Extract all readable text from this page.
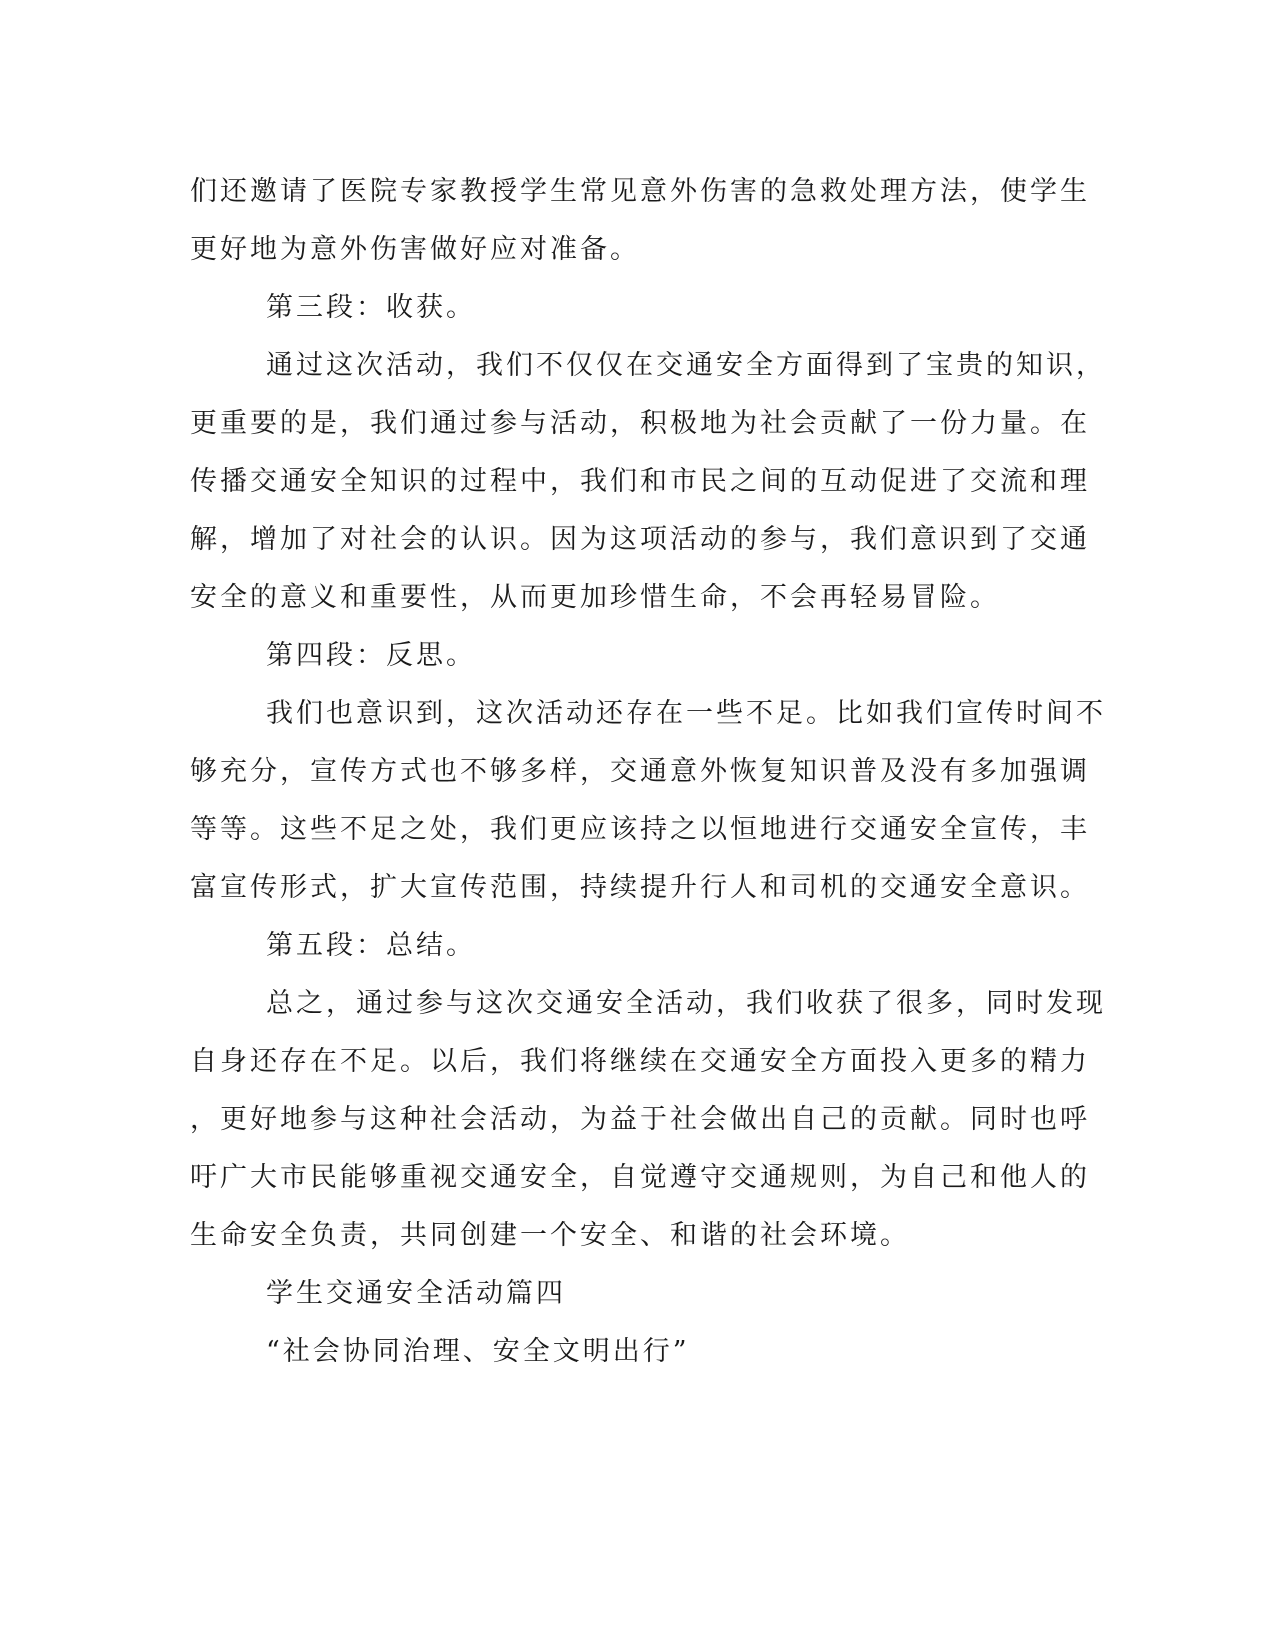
们还邀请了医院专家教授学生常见意外伤害的急救处理方法，使学生
更好地为意外伤害做好应对准备。
第三段：收获。
通过这次活动，我们不仅仅在交通安全方面得到了宝贵的知识，
更重要的是，我们通过参与活动，积极地为社会贡献了一份力量。在
传播交通安全知识的过程中，我们和市民之间的互动促进了交流和理
解，增加了对社会的认识。因为这项活动的参与，我们意识到了交通
安全的意义和重要性，从而更加珍惜生命，不会再轻易冒险。
第四段：反思。
我们也意识到，这次活动还存在一些不足。比如我们宣传时间不
够充分，宣传方式也不够多样，交通意外恢复知识普及没有多加强调
等等。这些不足之处，我们更应该持之以恒地进行交通安全宣传，丰
富宣传形式，扩大宣传范围，持续提升行人和司机的交通安全意识。
第五段：总结。
总之，通过参与这次交通安全活动，我们收获了很多，同时发现
自身还存在不足。以后，我们将继续在交通安全方面投入更多的精力
，更好地参与这种社会活动，为益于社会做出自己的贡献。同时也呼
吁广大市民能够重视交通安全，自觉遵守交通规则，为自己和他人的
生命安全负责，共同创建一个安全、和谐的社会环境。
学生交通安全活动篇四
“社会协同治理、安全文明出行”
